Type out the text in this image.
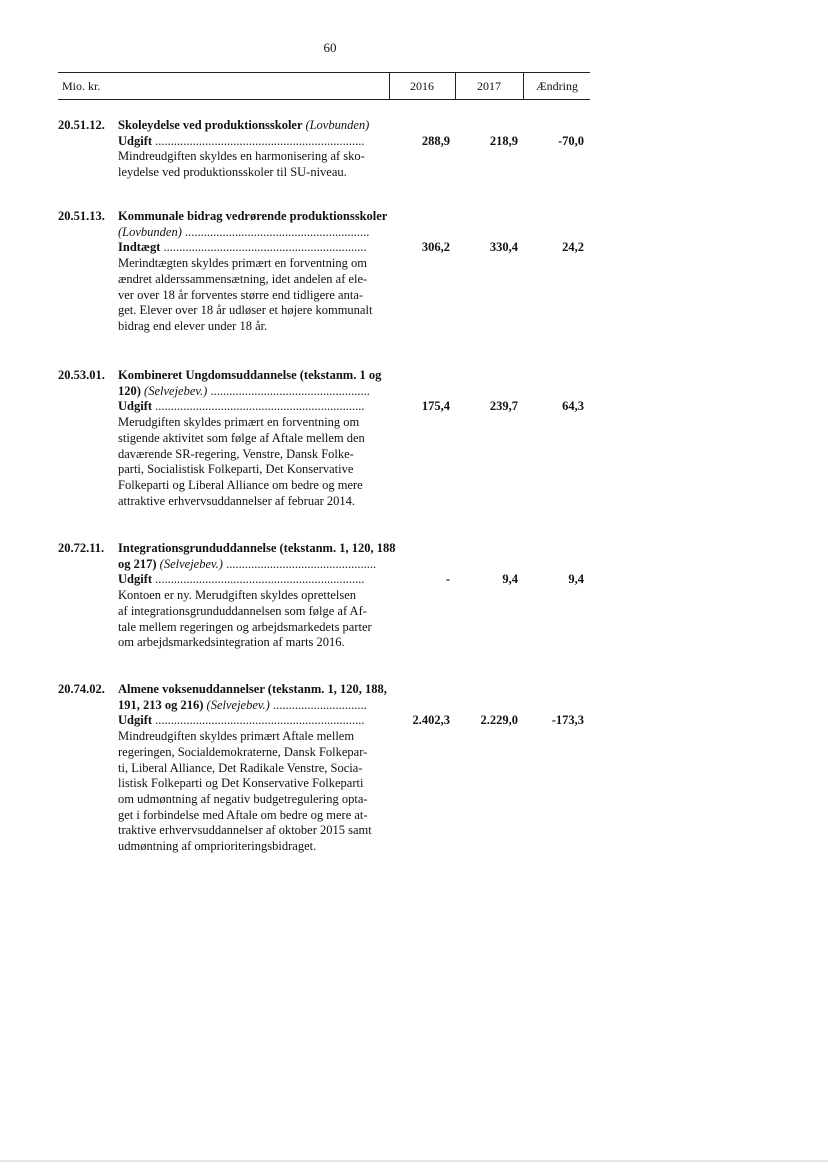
60
Mio. kr.	2016	2017	Ændring
20.51.12.	Skoleydelse ved produktionsskoler (Lovbunden)
Udgift ...................................................................
Mindreudgiften skyldes en harmonisering af sko-
leydelse ved produktionsskoler til SU-niveau.
288,9	218,9	-70,0
20.51.13.	Kommunale bidrag vedrørende produktionsskoler
(Lovbunden) ...........................................................
Indtægt .................................................................
Merindtægten skyldes primært en forventning om
ændret alderssammensætning, idet andelen af ele-
ver over 18 år forventes større end tidligere anta-
get. Elever over 18 år udløser et højere kommunalt
bidrag end elever under 18 år.
306,2	330,4	24,2
20.53.01.	Kombineret Ungdomsuddannelse (tekstanm. 1 og
120) (Selvejebev.) ...................................................
Udgift ...................................................................
Merudgiften skyldes primært en forventning om
stigende aktivitet som følge af Aftale mellem den
daværende SR-regering, Venstre, Dansk Folke-
parti, Socialistisk Folkeparti, Det Konservative
Folkeparti og Liberal Alliance om bedre og mere
attraktive erhvervsuddannelser af februar 2014.
175,4	239,7	64,3
20.72.11.	Integrationsgrunduddannelse (tekstanm. 1, 120, 188
og 217) (Selvejebev.) ................................................
Udgift ...................................................................
Kontoen er ny. Merudgiften skyldes oprettelsen
af integrationsgrunduddannelsen som følge af Af-
tale mellem regeringen og arbejdsmarkedets parter
om arbejdsmarkedsintegration af marts 2016.
-	9,4	9,4
20.74.02.	Almene voksenuddannelser (tekstanm. 1, 120, 188,
191, 213 og 216) (Selvejebev.) ..............................
Udgift ...................................................................
Mindreudgiften skyldes primært Aftale mellem
regeringen, Socialdemokraterne, Dansk Folkepar-
ti, Liberal Alliance, Det Radikale Venstre, Socia-
listisk Folkeparti og Det Konservative Folkeparti
om udmøntning af negativ budgetregulering opta-
get i forbindelse med Aftale om bedre og mere at-
traktive erhvervsuddannelser af oktober 2015 samt
udmøntning af omprioriteringsbidraget.
2.402,3	2.229,0	-173,3
